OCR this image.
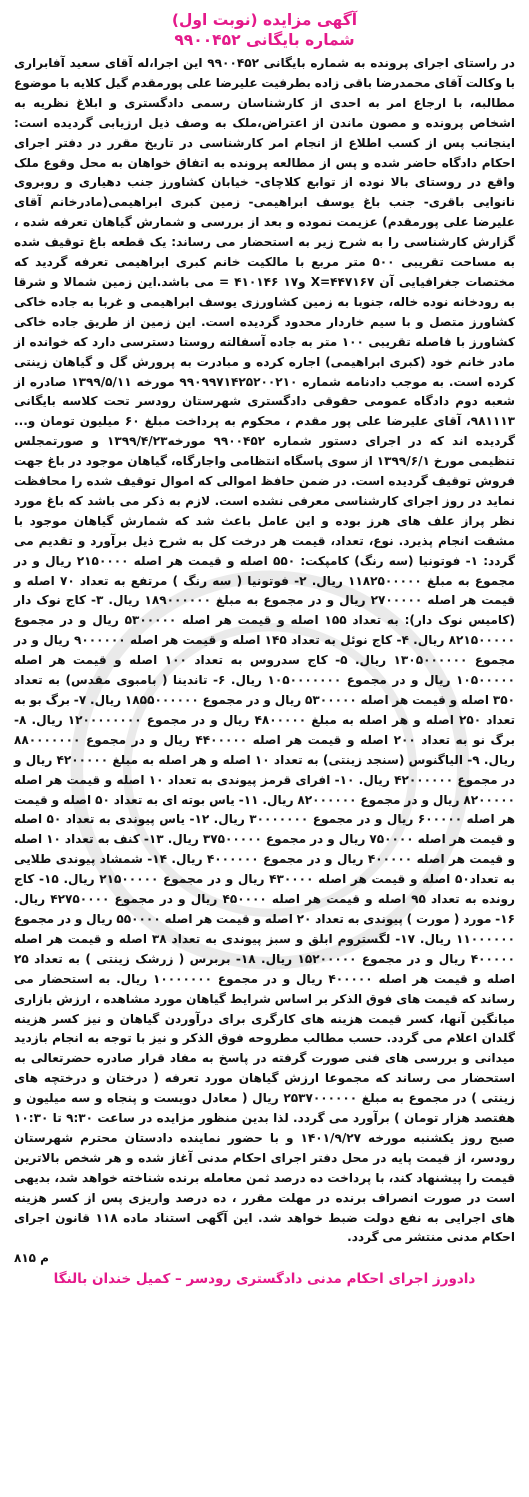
آگهی مزایده (نوبت اول)
شماره بایگانی ۹۹۰۰۴۵۲

در راستای اجرای پرونده به شماره بایگانی ۹۹۰۰۴۵۲ این اجرا،له آقای سعید آفابراری با وکالت آقای محمدرضا باقی زاده بطرفیت علیرضا علی پورمقدم گیل کلایه با موضوع مطالبه، با ارجاع امر به احدی از کارشناسان رسمی دادگستری و ابلاغ نظریه به اشخاص پرونده و مصون ماندن از اعتراض،ملک به وصف ذیل ارزیابی گردیده است: اینجانب پس از کسب اطلاع از انجام امر کارشناسی در تاریخ مقرر در دفتر اجرای احکام دادگاه حاضر شده و پس از مطالعه پرونده به اتفاق خواهان به محل وقوع ملک واقع در روستای بالا نوده از توابع کلاچای- خیابان کشاورز جنب دهیاری و روبروی نانوایی باقری- جنب باغ یوسف ابراهیمی- زمین کبری ابراهیمی(مادرخانم آقای علیرضا علی پورمقدم) عزیمت نموده و بعد از بررسی و شمارش گیاهان تعرفه شده ، گزارش کارشناسی را به شرح زیر به استحضار می رساند: یک قطعه باغ توقیف شده به مساحت تقریبی ۵۰۰ متر مربع با مالکیت خانم کبری ابراهیمی تعرفه گردید که مختصات جغرافیایی آن X=۴۴۷۱۶۷ و۱۷ ۴۱۰۱۴۶ = می باشد.این زمین شمالا و شرقا به رودخانه نوده خاله، جنوبا به زمین کشاورزی یوسف ابراهیمی و غربا به جاده خاکی کشاورز متصل و با سیم خاردار محدود گردیده است. این زمین از طریق جاده خاکی کشاورز با فاصله تقریبی ۱۰۰ متر به جاده آسفالته روستا دسترسی دارد که خوانده از مادر خانم خود (کبری ابراهیمی) اجاره کرده و مبادرت به پرورش گل و گیاهان زینتی کرده است. به موجب دادنامه شماره ۹۹۰۹۹۷۱۴۲۵۲۰۰۲۱۰ مورخه ۱۳۹۹/۵/۱۱ صادره از شعبه دوم دادگاه عمومی حقوقی دادگستری شهرستان رودسر تحت کلاسه بایگانی ۹۸۱۱۱۳، آقای علیرضا علی پور مقدم ، محکوم به پرداخت مبلغ ۶۰ میلیون تومان و... گردیده اند که در اجرای دستور شماره ۹۹۰۰۴۵۲ مورخه۱۳۹۹/۴/۲۳ و صورتمجلس تنظیمی مورخ ۱۳۹۹/۶/۱ از سوی پاسگاه انتظامی واجارگاه، گیاهان موجود در باغ جهت فروش توقیف گردیده است. در ضمن حافظ اموالی که اموال توقیف شده را محافظت نماید در روز اجرای کارشناسی معرفی نشده است. لازم به ذکر می باشد که باغ مورد نظر پراز علف های هرز بوده و این عامل باعث شد که شمارش گیاهان موجود با مشقت انجام پذیرد. نوع، تعداد، قیمت هر درخت کل به شرح ذیل برآورد و تقدیم می گردد: ۱- فوتونیا (سه رنگ) کامپکت: ۵۵۰ اصله و قیمت هر اصله ۲۱۵۰۰۰۰ ریال و در مجموع به مبلغ ۱۱۸۲۵۰۰۰۰۰ ریال. ۲- فوتونیا ( سه رنگ ) مرتفع به تعداد ۷۰ اصله و قیمت هر اصله ۲۷۰۰۰۰۰ ریال و در مجموع به مبلغ ۱۸۹۰۰۰۰۰۰ ریال. ۳- کاج نوک دار (کامیس نوک دار): به تعداد ۱۵۵ اصله و قیمت هر اصله ۵۳۰۰۰۰۰ ریال و در مجموع ۸۲۱۵۰۰۰۰۰ ریال. ۴- کاج نوئل به تعداد ۱۴۵ اصله و قیمت هر اصله ۹۰۰۰۰۰۰ ریال و در مجموع ۱۳۰۵۰۰۰۰۰۰ ریال. ۵- کاج سدروس به تعداد ۱۰۰ اصله و قیمت هر اصله ۱۰۵۰۰۰۰۰ ریال و در مجموع ۱۰۵۰۰۰۰۰۰۰ ریال. ۶- تاندینا ( بامبوی مقدس) به تعداد ۳۵۰ اصله و قیمت هر اصله ۵۳۰۰۰۰۰ ریال و در مجموع ۱۸۵۵۰۰۰۰۰۰ ریال. ۷- برگ بو به تعداد ۲۵۰ اصله و هر اصله به مبلغ ۴۸۰۰۰۰۰ ریال و در مجموع ۱۲۰۰۰۰۰۰۰۰ ریال. ۸- برگ نو به تعداد ۲۰۰ اصله و قیمت هر اصله ۴۴۰۰۰۰۰ ریال و در مجموع ۸۸۰۰۰۰۰۰۰ ریال. ۹- الیاگنوس (سنجد زینتی) به تعداد ۱۰ اصله و هر اصله به مبلغ ۴۲۰۰۰۰۰ ریال و در مجموع ۴۲۰۰۰۰۰۰ ریال. ۱۰- افرای قرمز پیوندی به تعداد ۱۰ اصله و قیمت هر اصله ۸۲۰۰۰۰۰ ریال و در مجموع ۸۲۰۰۰۰۰۰ ریال. ۱۱- یاس بوته ای به تعداد ۵۰ اصله و قیمت هر اصله ۶۰۰۰۰۰ ریال و در مجموع ۳۰۰۰۰۰۰۰ ریال. ۱۲- یاس پیوندی به تعداد ۵۰ اصله و قیمت هر اصله ۷۵۰۰۰۰ ریال و در مجموع ۳۷۵۰۰۰۰۰ ریال. ۱۳- کنف به تعداد ۱۰ اصله و قیمت هر اصله ۴۰۰۰۰۰ ریال و در مجموع ۴۰۰۰۰۰۰ ریال. ۱۴- شمشاد پیوندی طلایی به تعداد۵۰ اصله و قیمت هر اصله ۴۳۰۰۰۰ ریال و در مجموع ۲۱۵۰۰۰۰۰ ریال. ۱۵- کاج رونده به تعداد ۹۵ اصله و قیمت هر اصله ۴۵۰۰۰۰ ریال و در مجموع ۴۲۷۵۰۰۰۰ ریال. ۱۶- مورد ( مورت ) پیوندی به تعداد ۲۰ اصله و قیمت هر اصله ۵۵۰۰۰۰ ریال و در مجموع ۱۱۰۰۰۰۰۰ ریال. ۱۷- لگستروم ابلق و سبز پیوندی به تعداد ۳۸ اصله و قیمت هر اصله ۴۰۰۰۰۰ ریال و در مجموع ۱۵۲۰۰۰۰۰ ریال. ۱۸- بربرس ( زرشک زینتی ) به تعداد ۲۵ اصله و قیمت هر اصله ۴۰۰۰۰۰ ریال و در مجموع ۱۰۰۰۰۰۰۰ ریال. به استحضار می رساند که قیمت های فوق الذکر بر اساس شرایط گیاهان مورد مشاهده ، ارزش بازاری میانگین آنها، کسر قیمت هزینه های کارگری برای درآوردن گیاهان و نیز کسر هزینه گلدان اعلام می گردد. حسب مطالب مطروحه فوق الذکر و نیز با توجه به انجام بازدید میدانی و بررسی های فنی صورت گرفته در پاسخ به مفاد قرار صادره حضرتعالی به استحضار می رساند که مجموعا ارزش گیاهان مورد تعرفه ( درختان و درختچه های زینتی ) در مجموع به مبلغ ۲۵۳۷۰۰۰۰۰۰ ریال ( معادل دویست و پنجاه و سه میلیون و هفتصد هزار تومان ) برآورد می گردد. لذا بدین منظور مزایده در ساعت ۹:۳۰ تا ۱۰:۳۰ صبح روز یکشنبه مورخه ۱۴۰۱/۹/۲۷ و با حضور نماینده دادستان محترم شهرستان رودسر، از قیمت پایه در محل دفتر اجرای احکام مدنی آغاز شده و هر شخص بالاترین قیمت را پیشنهاد کند، با پرداخت ده درصد ثمن معامله برنده شناخته خواهد شد، بدیهی است در صورت انصراف برنده در مهلت مقرر ، ده درصد واریزی پس از کسر هزینه های اجرایی به نفع دولت ضبط خواهد شد. این آگهی استناد ماده ۱۱۸ قانون اجرای احکام مدنی منتشر می گردد.

م ۸۱۵
دادورز اجرای احکام مدنی دادگستری رودسر – کمیل خندان بالنگا
